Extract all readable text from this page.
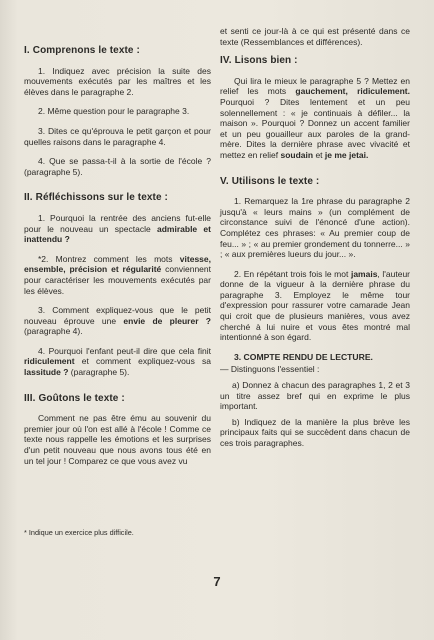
I. Comprenons le texte :

1. Indiquez avec précision la suite des mouvements exécutés par les maîtres et les élèves dans le paragraphe 2.

2. Même question pour le paragraphe 3.

3. Dites ce qu'éprouva le petit garçon et pour quelles raisons dans le paragraphe 4.

4. Que se passa-t-il à la sortie de l'école ? (paragraphe 5).

II. Réfléchissons sur le texte :

1. Pourquoi la rentrée des anciens fut-elle pour le nouveau un spectacle admirable et inattendu ?

*2. Montrez comment les mots vitesse, ensemble, précision et régularité conviennent pour caractériser les mouvements exécutés par les élèves.

3. Comment expliquez-vous que le petit nouveau éprouve une envie de pleurer ? (paragraphe 4).

4. Pourquoi l'enfant peut-il dire que cela finit ridiculement et comment expliquez-vous sa lassitude ? (paragraphe 5).

III. Goûtons le texte :

Comment ne pas être ému au souvenir du premier jour où l'on est allé à l'école ! Comme ce texte nous rappelle les émotions et les surprises d'un petit nouveau que nous avons tous été en un tel jour ! Comparez ce que vous avez vu

* Indique un exercice plus difficile.

et senti ce jour-là à ce qui est présenté dans ce texte (Ressemblances et différences).

IV. Lisons bien :

Qui lira le mieux le paragraphe 5 ? Mettez en relief les mots gauchement, ridiculement. Pourquoi ? Dites lentement et un peu solennellement : « je continuais à défiler... la maison ». Pourquoi ? Donnez un accent familier et un peu gouailleur aux paroles de la grand-mère. Dites la dernière phrase avec vivacité et mettez en relief soudain et je me jetai.

V. Utilisons le texte :

1. Remarquez la 1re phrase du paragraphe 2 jusqu'à « leurs mains » (un complément de circonstance suivi de l'énoncé d'une action). Complétez ces phrases: « Au premier coup de feu... » ; « au premier grondement du tonnerre... » ; « aux premières lueurs du jour... ».

2. En répétant trois fois le mot jamais, l'auteur donne de la vigueur à la dernière phrase du paragraphe 3. Employez le même tour d'expression pour rassurer votre camarade Jean qui croit que de plusieurs manières, vous avez cherché à lui nuire et vous êtes montré mal intentionné à son égard.

3. COMPTE RENDU DE LECTURE.

— Distinguons l'essentiel :

a) Donnez à chacun des paragraphes 1, 2 et 3 un titre assez bref qui en exprime le plus important.

b) Indiquez de la manière la plus brève les principaux faits qui se succèdent dans chacun de ces trois paragraphes.

7
